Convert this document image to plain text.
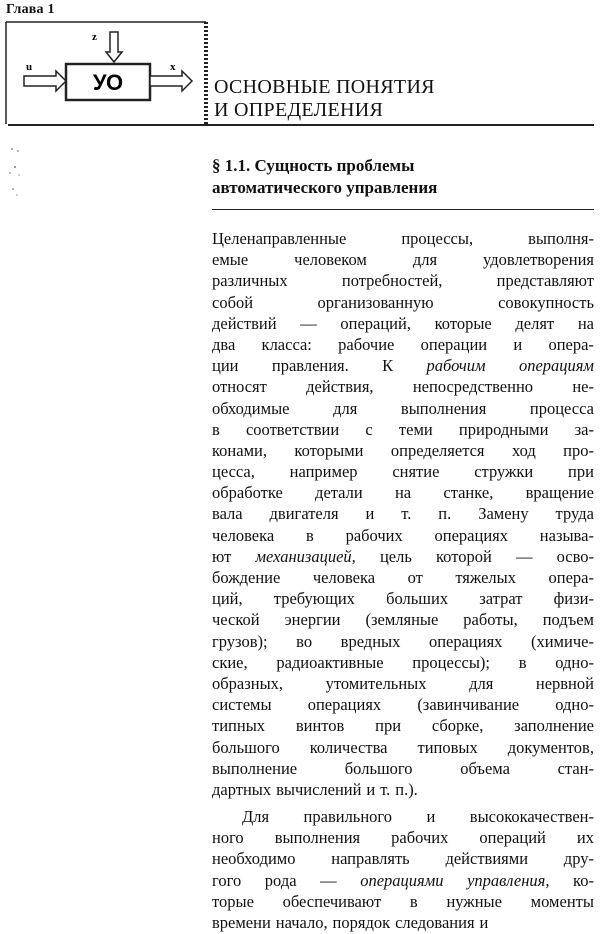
Глава 1
z
u
УО
x
ОСНОВНЫЕ ПОНЯТИЯ
И ОПРЕДЕЛЕНИЯ
§ 1.1. Сущность проблемы
автоматического управления
Целенаправленные	процессы,	выполня-
емые	человеком	для	удовлетворения
различных	потребностей,	представляют
собой	организованную	совокупность
действий — операций, которые делят на
два класса: рабочие операции и опера-
ции правления. К рабочим операциям
относят действия, непосредственно не-
обходимые	для	выполнения	процесса
в соответствии с теми природными за-
конами, которыми определяется ход про-
цесса, например снятие стружки при
обработке детали на станке, вращение
вала двигателя и т. п. Замену труда
человека в рабочих операциях называ-
ют механизацией, цель которой — осво-
бождение человека от тяжелых опера-
ций, требующих больших затрат физи-
ческой энергии (земляные работы, подъем
грузов); во вредных операциях (химиче-
ские, радиоактивные процессы); в одно-
образных,	утомительных	для	нервной
системы операциях (завинчивание одно-
типных винтов при сборке, заполнение
большого количества типовых документов,
выполнение	большого	объема	стан-
дартных вычислений и т. п.).
Для правильного и высококачествен-
ного выполнения рабочих операций их
необходимо направлять действиями дру-
гого рода — операциями управления, ко-
торые обеспечивают в нужные моменты
времени начало, порядок следования и
